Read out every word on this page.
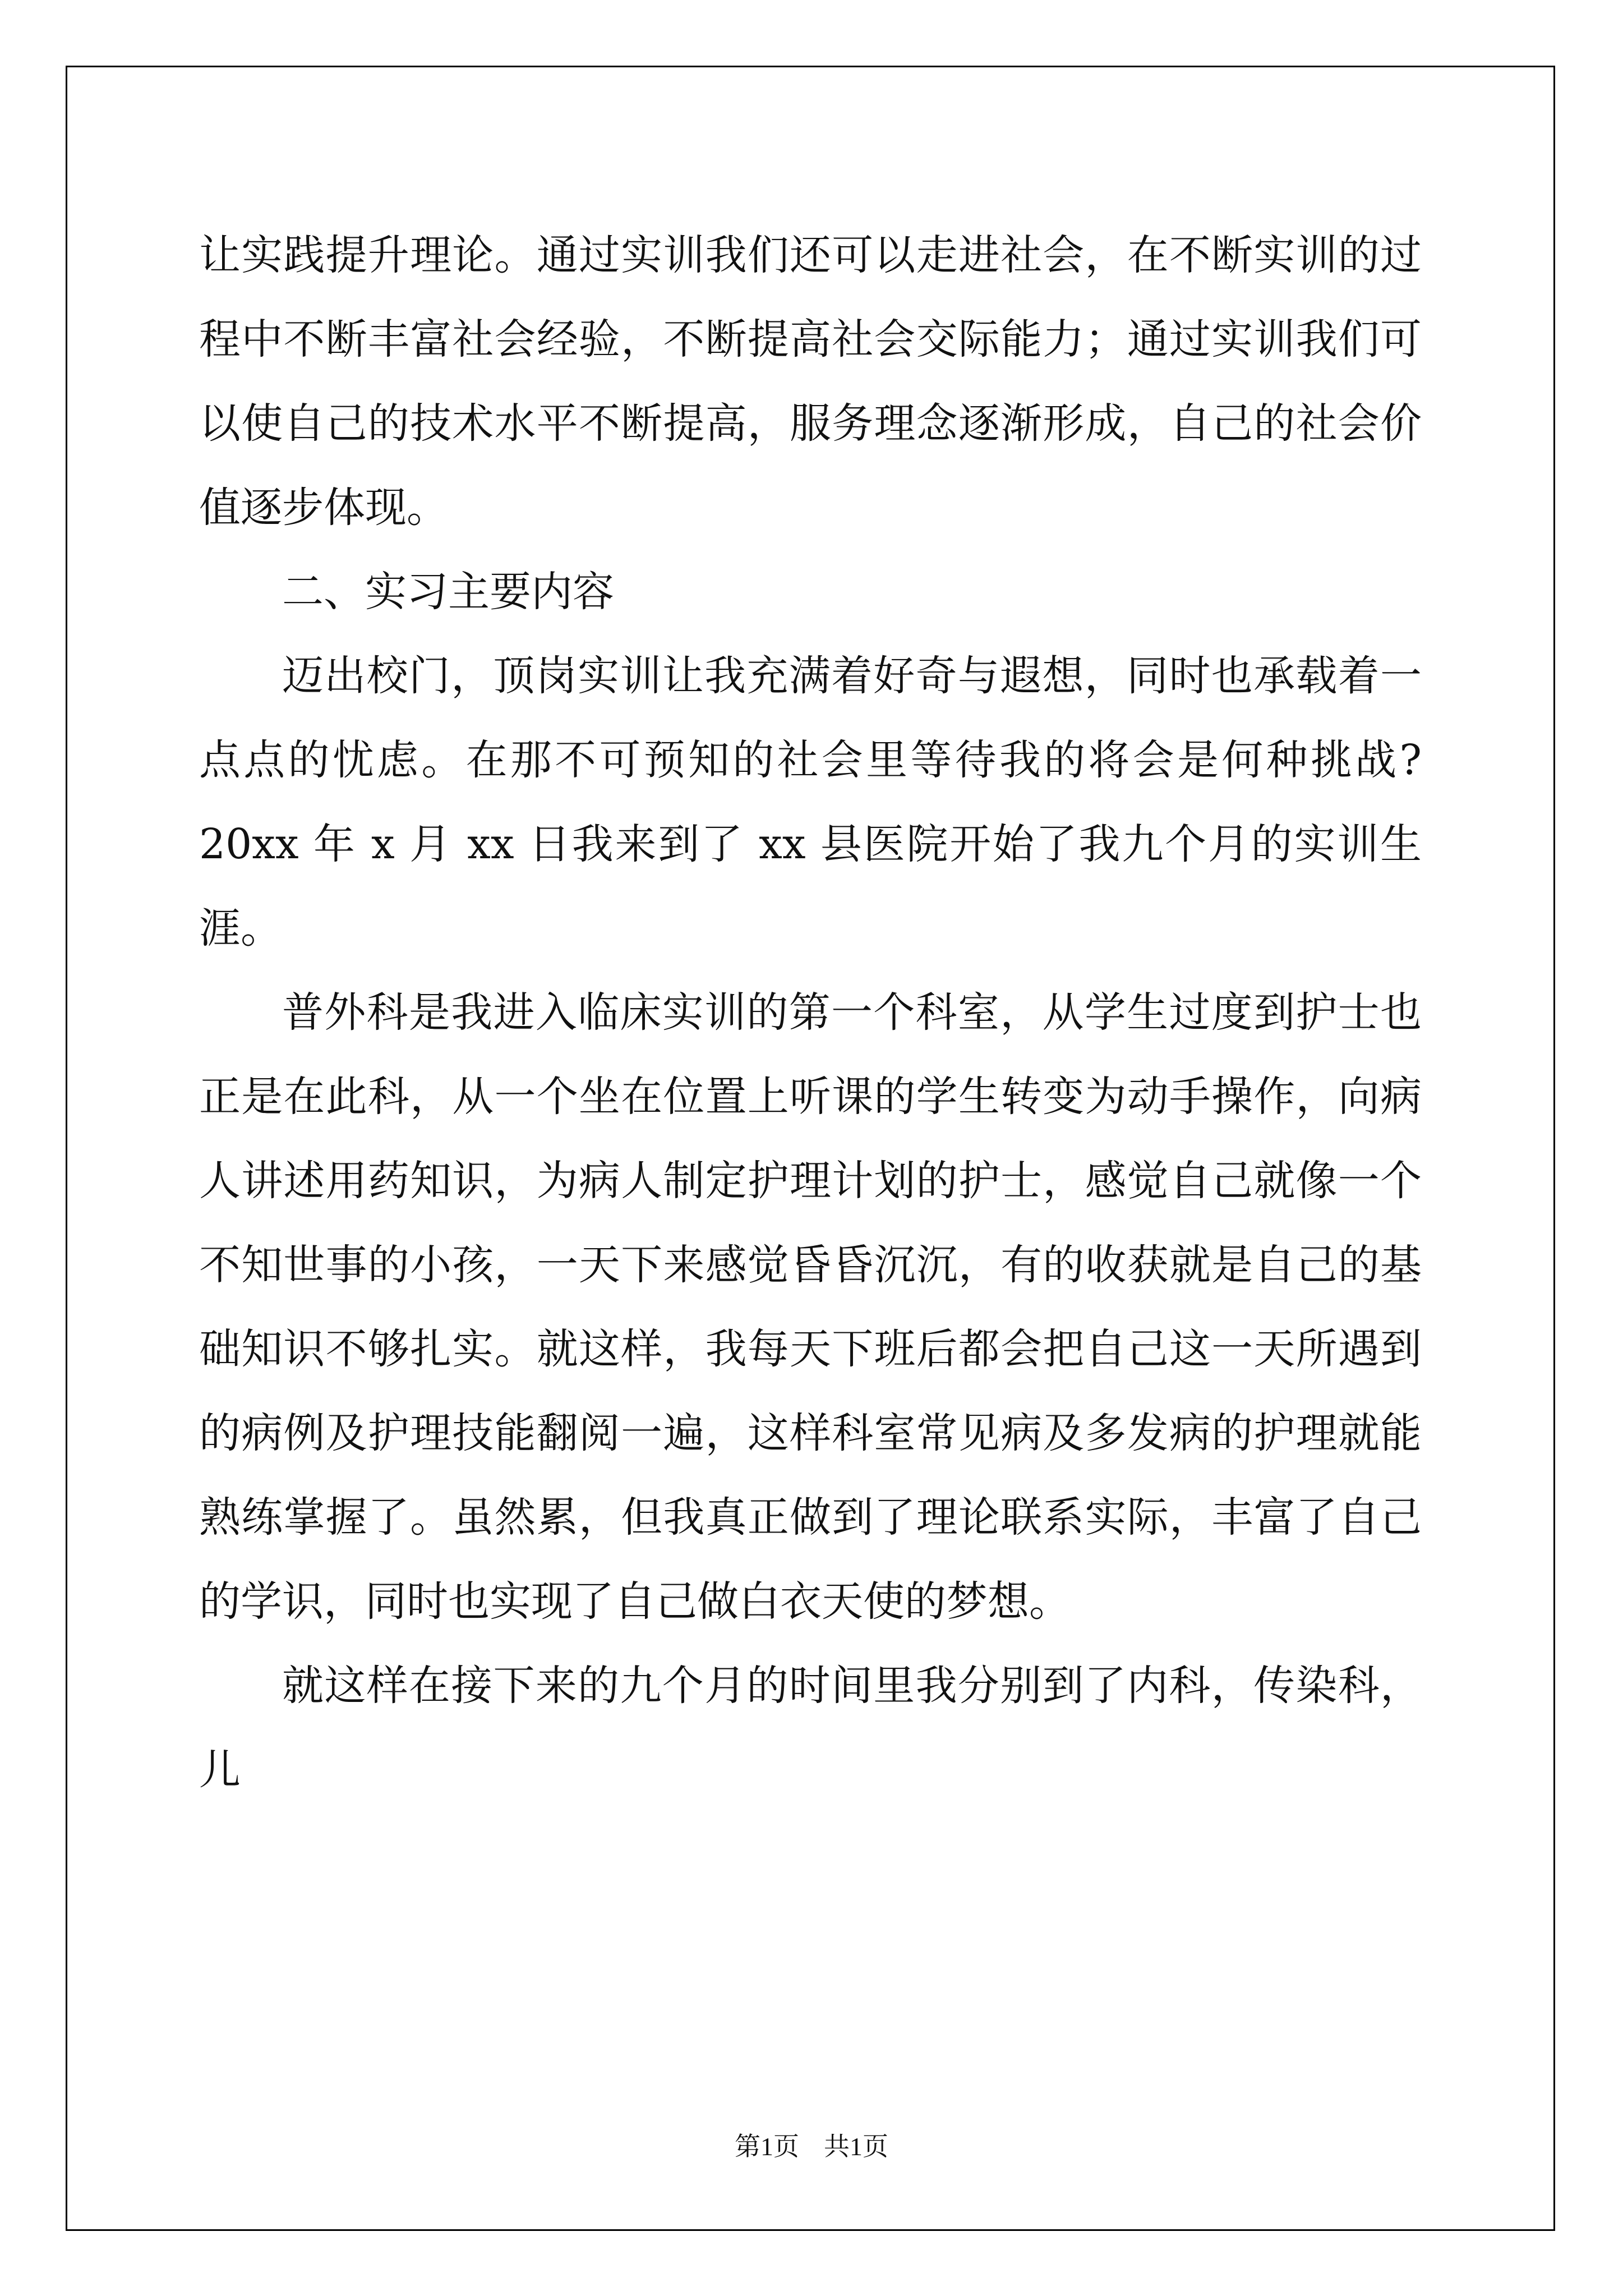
让实践提升理论。通过实训我们还可以走进社会，在不断实训的过程中不断丰富社会经验，不断提高社会交际能力；通过实训我们可以使自己的技术水平不断提高，服务理念逐渐形成，自己的社会价值逐步体现。

二、实习主要内容

迈出校门，顶岗实训让我充满着好奇与遐想，同时也承载着一点点的忧虑。在那不可预知的社会里等待我的将会是何种挑战?20xx 年 x 月 xx 日我来到了 xx 县医院开始了我九个月的实训生涯。

普外科是我进入临床实训的第一个科室，从学生过度到护士也正是在此科，从一个坐在位置上听课的学生转变为动手操作，向病人讲述用药知识，为病人制定护理计划的护士，感觉自己就像一个不知世事的小孩，一天下来感觉昏昏沉沉，有的收获就是自己的基础知识不够扎实。就这样，我每天下班后都会把自己这一天所遇到的病例及护理技能翻阅一遍，这样科室常见病及多发病的护理就能熟练掌握了。虽然累，但我真正做到了理论联系实际，丰富了自己的学识，同时也实现了自己做白衣天使的梦想。

就这样在接下来的九个月的时间里我分别到了内科，传染科，儿

第1页 共1页
